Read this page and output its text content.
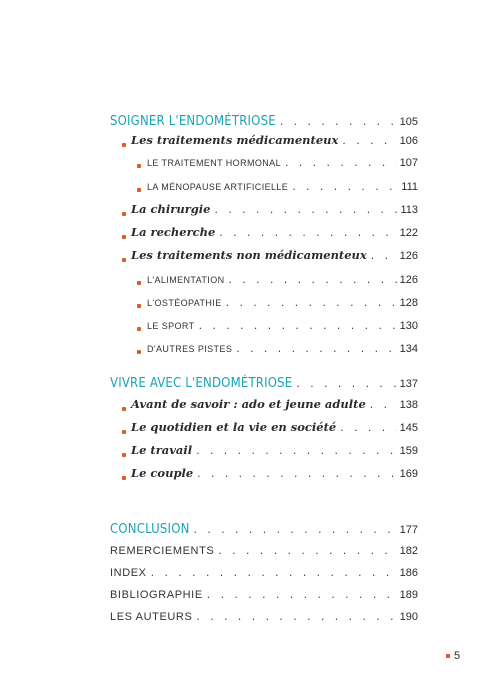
SOIGNER L'ENDOMÉTRIOSE . . .	105
Les traitements médicamenteux . . .	106
LE TRAITEMENT HORMONAL . . .	107
LA MÉNOPAUSE ARTIFICIELLE . . .	111
La chirurgie . . .	113
La recherche . . .	122
Les traitements non médicamenteux . . .	126
L'ALIMENTATION . . .	126
L'OSTÉOPATHIE . . .	128
LE SPORT . . .	130
D'AUTRES PISTES . . .	134
VIVRE AVEC L'ENDOMÉTRIOSE . . .	137
Avant de savoir : ado et jeune adulte . . .	138
Le quotidien et la vie en société . . .	145
Le travail . . .	159
Le couple . . .	169
CONCLUSION . . .	177
REMERCIEMENTS . . .	182
INDEX . . .	186
BIBLIOGRAPHIE . . .	189
LES AUTEURS . . .	190
5
